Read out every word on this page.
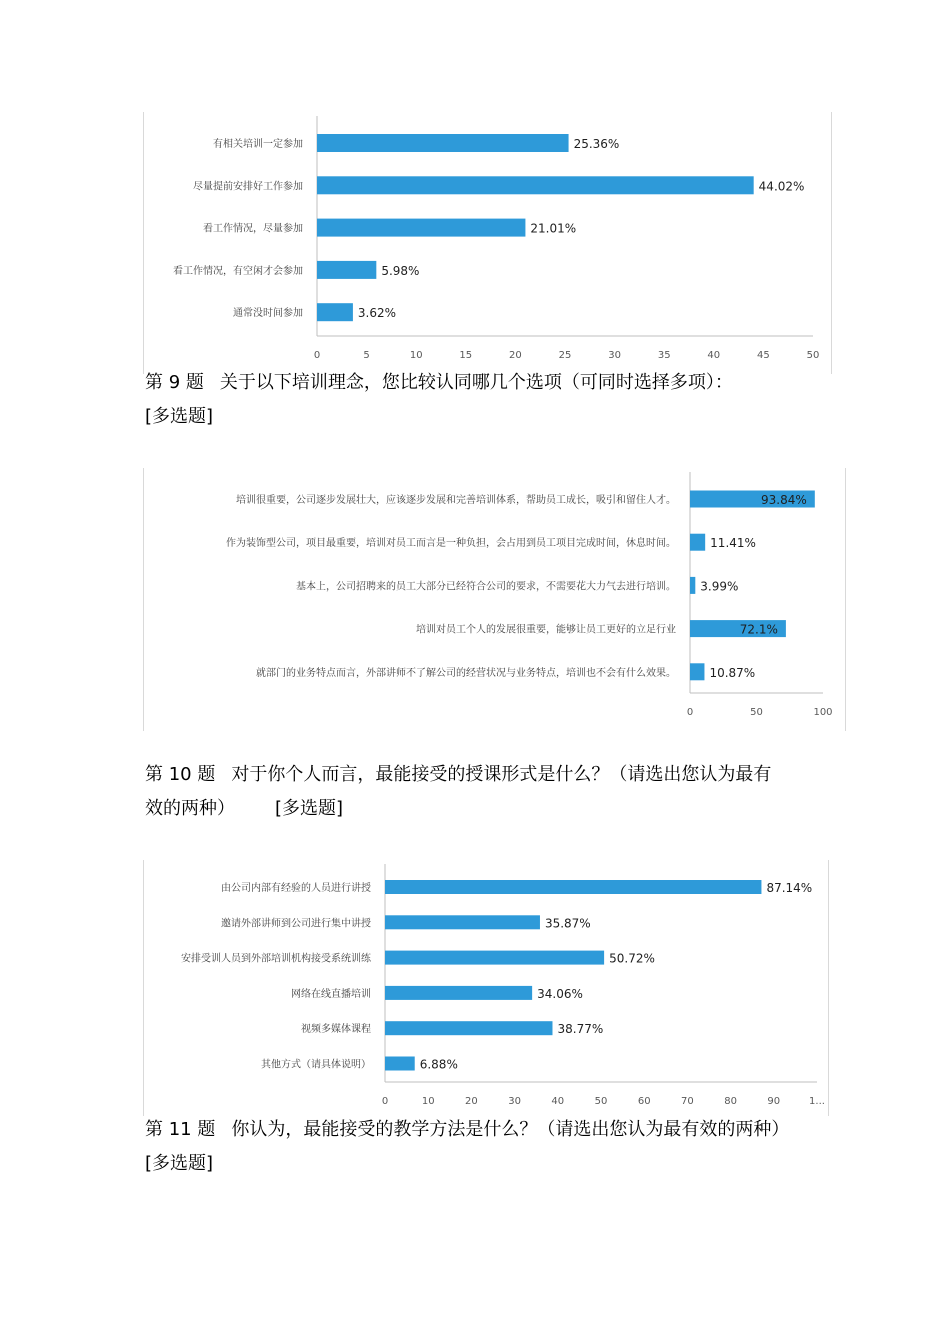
0	5	10	15	20	25	30	35	40	45	50
有相关培训一定参加	25.36%
尽量提前安排好工作参加	44.02%
看工作情况，尽量参加	21.01%
看工作情况，有空闲才会参加	5.98%
通常没时间参加	3.62%
第 9 题 关于以下培训理念，您比较认同哪几个选项（可同时选择多项）：
[多选题]
0	50	100
培训很重要，公司逐步发展壮大，应该逐步发展和完善培训体系，帮助员工成长，吸引和留住人才。	93.84%
作为装饰型公司，项目最重要，培训对员工而言是一种负担，会占用到员工项目完成时间，休息时间。	11.41%
基本上，公司招聘来的员工大部分已经符合公司的要求，不需要花大力气去进行培训。 3.99%
培训对员工个人的发展很重要，能够让员工更好的立足行业	72.1%
就部门的业务特点而言，外部讲师不了解公司的经营状况与业务特点，培训也不会有什么效果。	10.87%
第 10 题 对于你个人而言，最能接受的授课形式是什么？（请选出您认为最有
效的两种） [多选题]
0	10	20	30	40	50	60	70	80	90	1...
由公司内部有经验的人员进行讲授	87.14%
邀请外部讲师到公司进行集中讲授	35.87%
安排受训人员到外部培训机构接受系统训练	50.72%
网络在线直播培训	34.06%
视频多媒体课程	38.77%
其他方式（请具体说明）	6.88%
第 11 题 你认为，最能接受的教学方法是什么？（请选出您认为最有效的两种）
[多选题]
